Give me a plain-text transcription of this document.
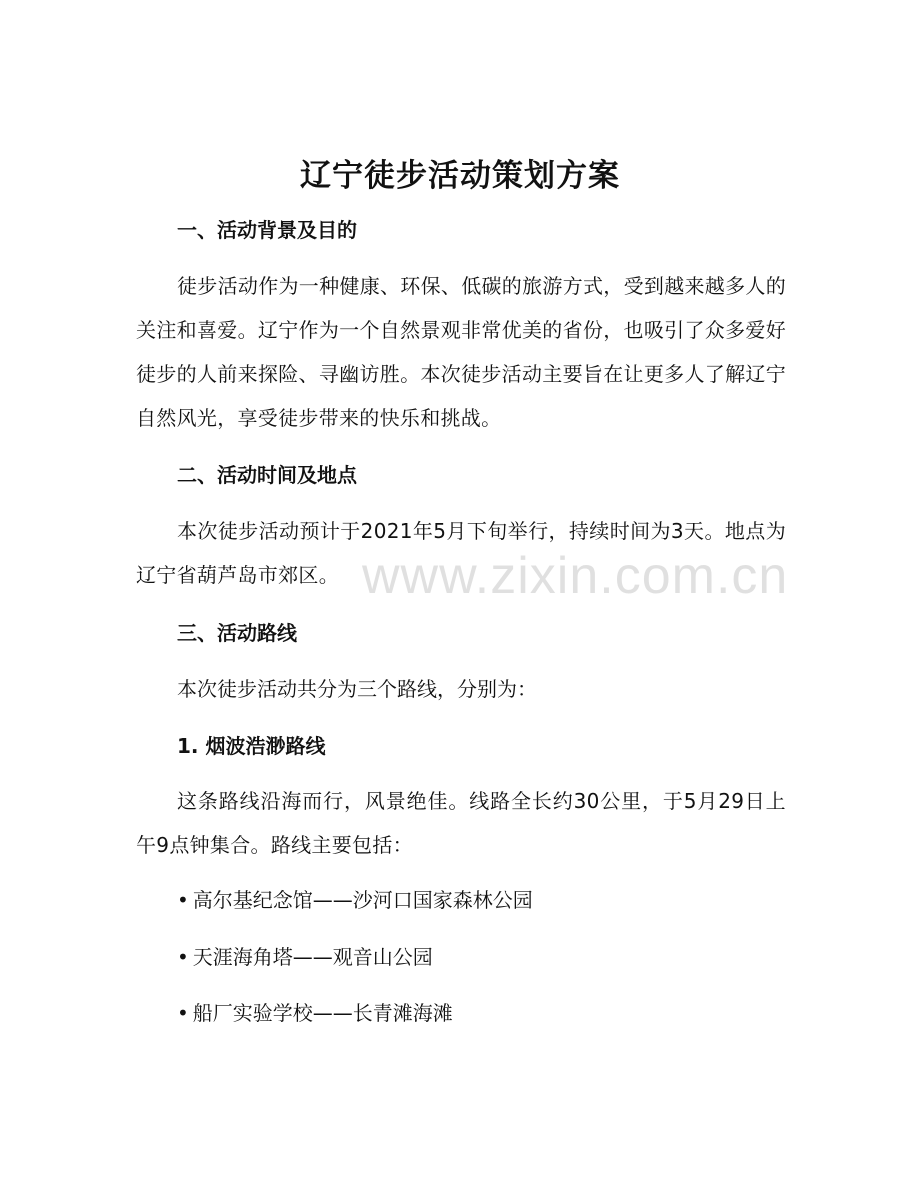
辽宁徒步活动策划方案
一、活动背景及目的
徒步活动作为一种健康、环保、低碳的旅游方式，受到越来越多人的关注和喜爱。辽宁作为一个自然景观非常优美的省份，也吸引了众多爱好徒步的人前来探险、寻幽访胜。本次徒步活动主要旨在让更多人了解辽宁自然风光，享受徒步带来的快乐和挑战。
二、活动时间及地点
本次徒步活动预计于2021年5月下旬举行，持续时间为3天。地点为辽宁省葫芦岛市郊区。
三、活动路线
本次徒步活动共分为三个路线，分别为：
1. 烟波浩渺路线
这条路线沿海而行，风景绝佳。线路全长约30公里，于5月29日上午9点钟集合。路线主要包括：
• 高尔基纪念馆——沙河口国家森林公园
• 天涯海角塔——观音山公园
• 船厂实验学校——长青滩海滩
www.zixin.com.cn
